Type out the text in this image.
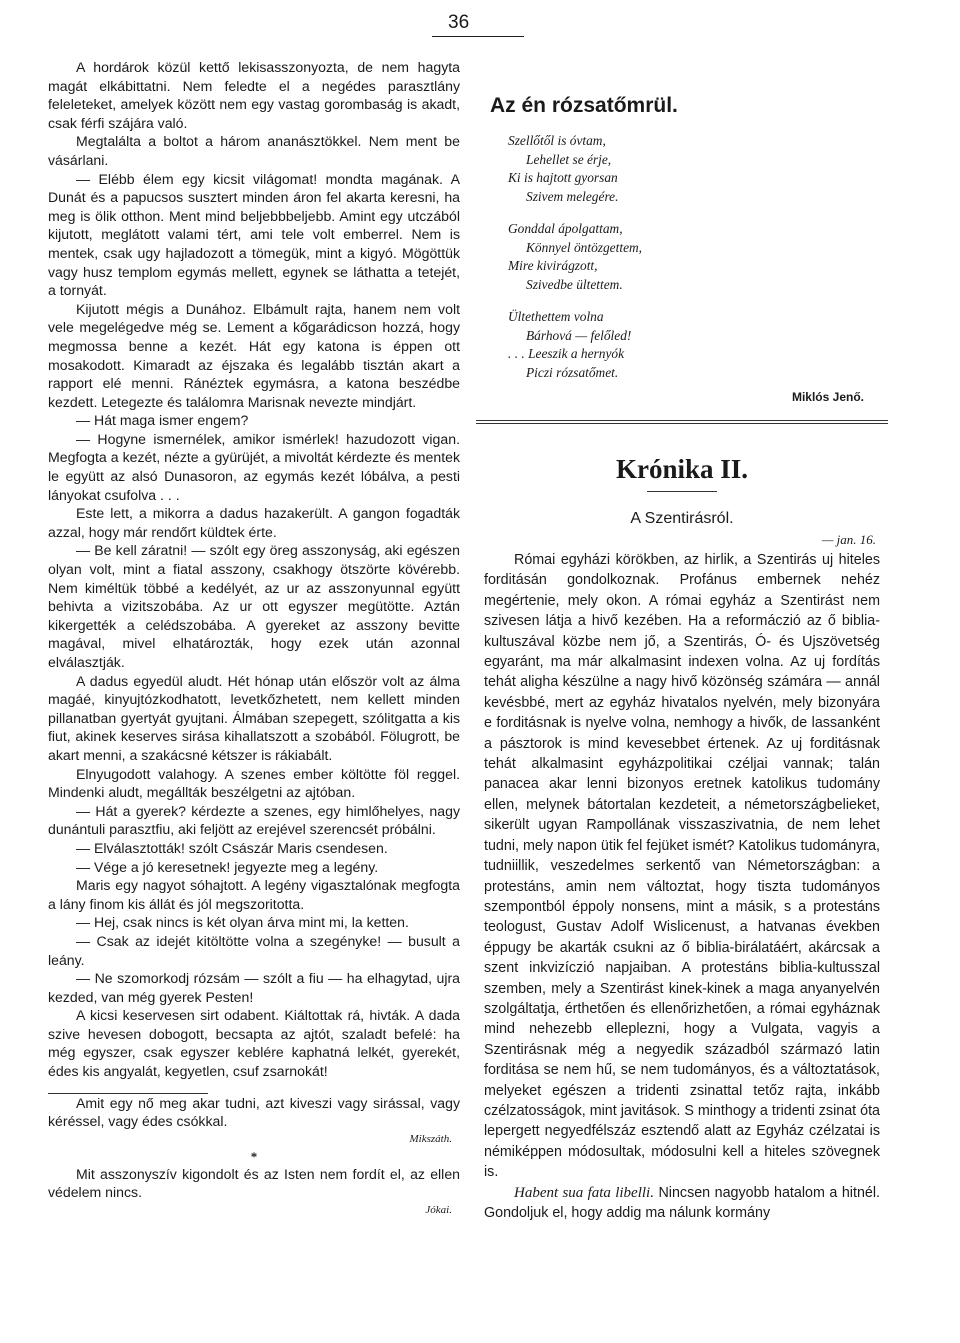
36

A hordárok közül kettő lekisasszonyozta, de nem hagyta magát elkábittatni. Nem feledte el a negédes parasztlány feleleteket, amelyek között nem egy vastag gorombaság is akadt, csak férfi szájára való.

Megtalálta a boltot a három ananásztökkel. Nem ment be vásárlani.

— Elébb élem egy kicsit világomat! mondta magának. A Dunát és a papucsos susztert minden áron fel akarta keresni, ha meg is ölik otthon. Ment mind beljebbbeljebb. Amint egy utczából kijutott, meglátott valami tért, ami tele volt emberrel. Nem is mentek, csak ugy hajladozott a tömegük, mint a kigyó. Mögöttük vagy husz templom egymás mellett, egynek se láthatta a tetejét, a tornyát.

Kijutott mégis a Dunához. Elbámult rajta, hanem nem volt vele megelégedve még se. Lement a kőgarádicson hozzá, hogy megmossa benne a kezét. Hát egy katona is éppen ott mosakodott. Kimaradt az éjszaka és legalább tisztán akart a rapport elé menni. Ránéztek egymásra, a katona beszédbe kezdett. Letegezte és találomra Marisnak nevezte mindjárt.

— Hát maga ismer engem?

— Hogyne ismernélek, amikor ismérlek! hazudozott vigan. Megfogta a kezét, nézte a gyürüjét, a mivoltát kérdezte és mentek le együtt az alsó Dunasoron, az egymás kezét lóbálva, a pesti lányokat csufolva . . .

Este lett, a mikorra a dadus hazakerült. A gangon fogadták azzal, hogy már rendőrt küldtek érte.

— Be kell záratni! — szólt egy öreg asszonyság, aki egészen olyan volt, mint a fiatal asszony, csakhogy ötszörte kövérebb. Nem kiméltük többé a kedélyét, az ur az asszonyunnal együtt behivta a vizitszobába. Az ur ott egyszer megütötte. Aztán kikergették a celédszobába. A gyereket az asszony bevitte magával, mivel elhatározták, hogy ezek után azonnal elválasztják.

A dadus egyedül aludt. Hét hónap után először volt az álma magáé, kinyujtózkodhatott, levetkőzhetett, nem kellett minden pillanatban gyertyát gyujtani. Álmában szepegett, szólitgatta a kis fiut, akinek keserves sirása kihallatszott a szobából. Fölugrott, be akart menni, a szakácsné kétszer is rákiabált.

Elnyugodott valahogy. A szenes ember költötte föl reggel. Mindenki aludt, megállták beszélgetni az ajtóban.

— Hát a gyerek? kérdezte a szenes, egy himlőhelyes, nagy dunántuli parasztfiu, aki feljött az erejével szerencsét próbálni.

— Elválasztották! szólt Császár Maris csendesen.

— Vége a jó keresetnek! jegyezte meg a legény.

Maris egy nagyot sóhajtott. A legény vigasztalónak megfogta a lány finom kis állát és jól megszoritotta.

— Hej, csak nincs is két olyan árva mint mi, la ketten.

— Csak az idejét kitöltötte volna a szegényke! — busult a leány.

— Ne szomorkodj rózsám — szólt a fiu — ha elhagytad, ujra kezded, van még gyerek Pesten!

A kicsi keservesen sirt odabent. Kiáltottak rá, hivták. A dada szive hevesen dobogott, becsapta az ajtót, szaladt befelé: ha még egyszer, csak egyszer keblére kaphatná lelkét, gyerekét, édes kis angyalát, kegyetlen, csuf zsarnokát!

Amit egy nő meg akar tudni, azt kiveszi vagy sirással, vagy kéréssel, vagy édes csókkal.

Mikszáth.
*

Mit asszonyszív kigondolt és az Isten nem fordít el, az ellen védelem nincs.

Jókai.
Az én rózsatőmrül.
Szellőtől is óvtam,
Lehellet se érje,
Ki is hajtott gyorsan
Szivem melegére.
Gonddal ápolgattam,
Könnyel öntözgettem,
Mire kivirágzott,
Szivedbe ültettem.
Ültethettem volna
Bárhová — felőled!
. . . Leeszik a hernyók
Piczi rózsatőmet.
Miklós Jenő.
Krónika II.
A Szentirásról.
— jan. 16.

Római egyházi körökben, az hirlik, a Szentirás uj hiteles forditásán gondolkoznak. Profánus embernek nehéz megértenie, mely okon. A római egyház a Szentirást nem szivesen látja a hivő kezében. Ha a reformáczió az ő biblia-kultuszával közbe nem jő, a Szentirás, Ó- és Ujszövetség egyaránt, ma már alkalmasint indexen volna. Az uj fordítás tehát aligha készülne a nagy hivő közönség számára — annál kevésbbé, mert az egyház hivatalos nyelvén, mely bizonyára e forditásnak is nyelve volna, nemhogy a hivők, de lassanként a pásztorok is mind kevesebbet értenek. Az uj forditásnak tehát alkalmasint egyházpolitikai czéljai vannak; talán panacea akar lenni bizonyos eretnek katolikus tudomány ellen, melynek bátortalan kezdeteit, a németországbelieket, sikerült ugyan Rampollának visszaszivatnia, de nem lehet tudni, mely napon ütik fel fejüket ismét? Katolikus tudományra, tudniillik, veszedelmes serkentő van Németországban: a protestáns, amin nem változtat, hogy tiszta tudományos szempontból éppoly nonsens, mint a másik, s a protestáns teologust, Gustav Adolf Wislicenust, a hatvanas években éppugy be akarták csukni az ő biblia-birálatáért, akárcsak a szent inkvizíczió napjaiban. A protestáns biblia-kultusszal szemben, mely a Szentirást kinek-kinek a maga anyanyelvén szolgáltatja, érthetően és ellenőrizhetően, a római egyháznak mind nehezebb elleplezni, hogy a Vulgata, vagyis a Szentirásnak még a negyedik századból származó latin forditása se nem hű, se nem tudományos, és a változtatások, melyeket egészen a tridenti zsinattal tetőz rajta, inkább czélzatosságok, mint javitások. S minthogy a tridenti zsinat óta lepergett negyedfélszáz esztendő alatt az Egyház czélzatai is némiképpen módosultak, módosulni kell a hiteles szövegnek is.

Habent sua fata libelli. Nincsen nagyobb hatalom a hitnél. Gondoljuk el, hogy addig ma nálunk kormány
